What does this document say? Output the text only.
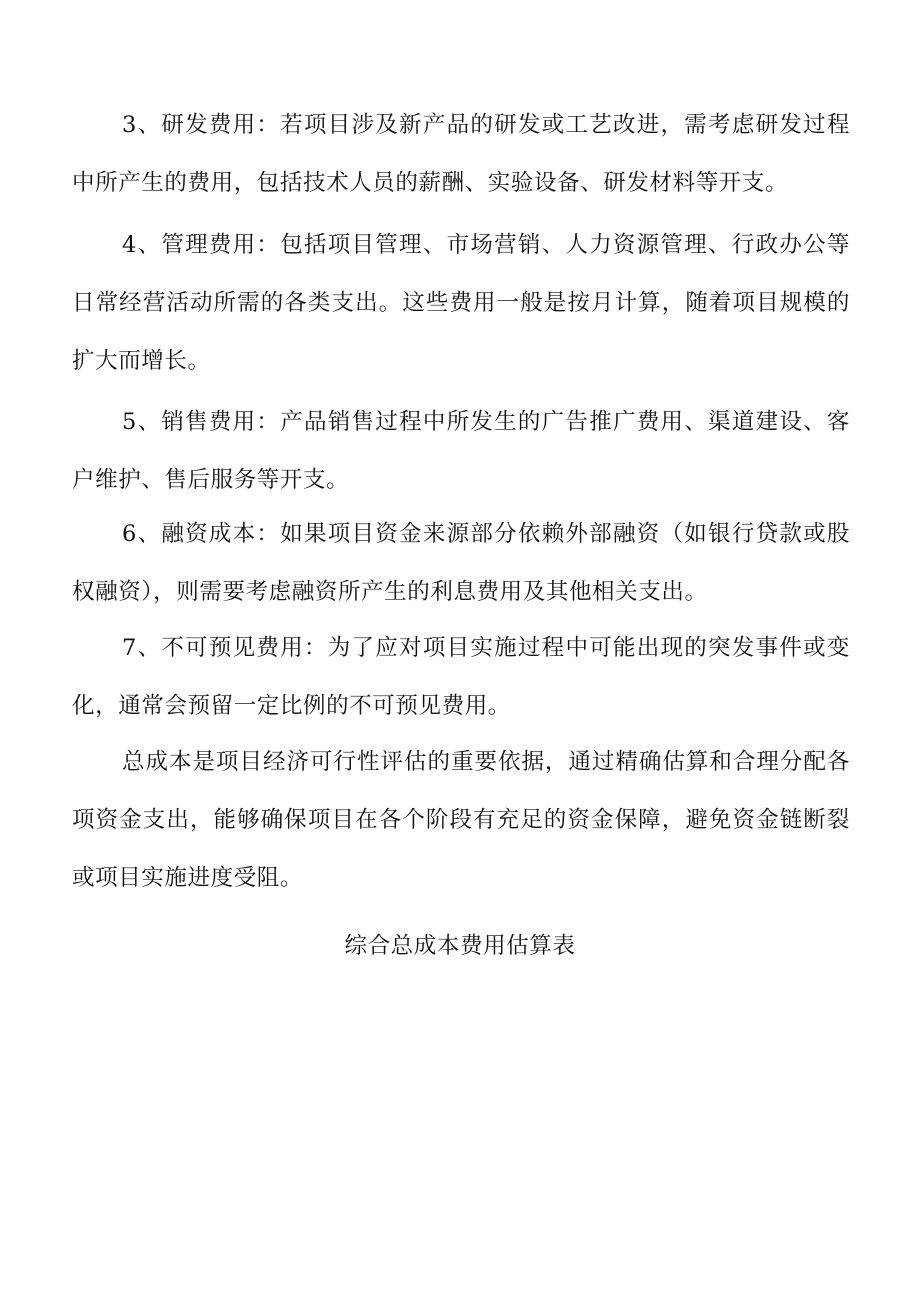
3、研发费用：若项目涉及新产品的研发或工艺改进，需考虑研发过程中所产生的费用，包括技术人员的薪酬、实验设备、研发材料等开支。

4、管理费用：包括项目管理、市场营销、人力资源管理、行政办公等日常经营活动所需的各类支出。这些费用一般是按月计算，随着项目规模的扩大而增长。

5、销售费用：产品销售过程中所发生的广告推广费用、渠道建设、客户维护、售后服务等开支。

6、融资成本：如果项目资金来源部分依赖外部融资（如银行贷款或股权融资），则需要考虑融资所产生的利息费用及其他相关支出。

7、不可预见费用：为了应对项目实施过程中可能出现的突发事件或变化，通常会预留一定比例的不可预见费用。

总成本是项目经济可行性评估的重要依据，通过精确估算和合理分配各项资金支出，能够确保项目在各个阶段有充足的资金保障，避免资金链断裂或项目实施进度受阻。

综合总成本费用估算表
